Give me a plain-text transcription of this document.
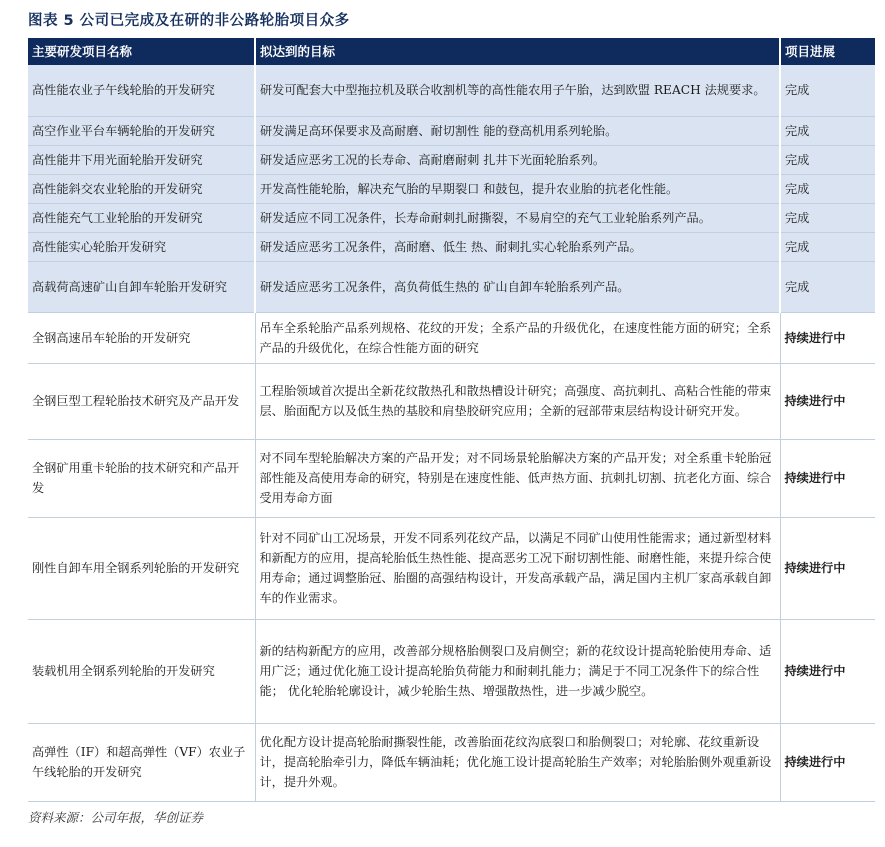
图表 5 公司已完成及在研的非公路轮胎项目众多
主要研发项目名称	拟达到的目标	项目进展
高性能农业子午线轮胎的开发研究	研发可配套大中型拖拉机及联合收割机等的高性能农用子午胎，达到欧盟 REACH 法规要求。	完成
高空作业平台车辆轮胎的开发研究	研发满足高环保要求及高耐磨、耐切割性 能的登高机用系列轮胎。	完成
高性能井下用光面轮胎开发研究	研发适应恶劣工况的长寿命、高耐磨耐刺 扎井下光面轮胎系列。	完成
高性能斜交农业轮胎的开发研究	开发高性能轮胎，解决充气胎的早期裂口 和鼓包，提升农业胎的抗老化性能。	完成
高性能充气工业轮胎的开发研究	研发适应不同工况条件，长寿命耐刺扎耐撕裂，不易肩空的充气工业轮胎系列产品。	完成
高性能实心轮胎开发研究	研发适应恶劣工况条件，高耐磨、低生 热、耐刺扎实心轮胎系列产品。	完成
高载荷高速矿山自卸车轮胎开发研究	研发适应恶劣工况条件，高负荷低生热的 矿山自卸车轮胎系列产品。	完成
全钢高速吊车轮胎的开发研究	吊车全系轮胎产品系列规格、花纹的开发；全系产品的升级优化，在速度性能方面的研究；全系产品的升级优化，在综合性能方面的研究	持续进行中
全钢巨型工程轮胎技术研究及产品开发	工程胎领域首次提出全新花纹散热孔和散热槽设计研究；高强度、高抗刺扎、高粘合性能的带束层、胎面配方以及低生热的基胶和肩垫胶研究应用；全新的冠部带束层结构设计研究开发。	持续进行中
全钢矿用重卡轮胎的技术研究和产品开发	对不同车型轮胎解决方案的产品开发；对不同场景轮胎解决方案的产品开发；对全系重卡轮胎冠部性能及高使用寿命的研究，特别是在速度性能、低声热方面、抗刺扎切割、抗老化方面、综合受用寿命方面	持续进行中
刚性自卸车用全钢系列轮胎的开发研究	针对不同矿山工况场景，开发不同系列花纹产品，以满足不同矿山使用性能需求；通过新型材料和新配方的应用，提高轮胎低生热性能、提高恶劣工况下耐切割性能、耐磨性能，来提升综合使用寿命；通过调整胎冠、胎圈的高强结构设计，开发高承载产品，满足国内主机厂家高承载自卸车的作业需求。	持续进行中
装载机用全钢系列轮胎的开发研究	新的结构新配方的应用，改善部分规格胎侧裂口及肩侧空；新的花纹设计提高轮胎使用寿命、适用广泛；通过优化施工设计提高轮胎负荷能力和耐刺扎能力；满足于不同工况条件下的综合性能； 优化轮胎轮廓设计，减少轮胎生热、增强散热性，进一步减少脱空。	持续进行中
高弹性（IF）和超高弹性（VF）农业子午线轮胎的开发研究	优化配方设计提高轮胎耐撕裂性能，改善胎面花纹沟底裂口和胎侧裂口；对轮廓、花纹重新设计，提高轮胎牵引力，降低车辆油耗；优化施工设计提高轮胎生产效率；对轮胎胎侧外观重新设计，提升外观。	持续进行中
资料来源：公司年报，华创证券
